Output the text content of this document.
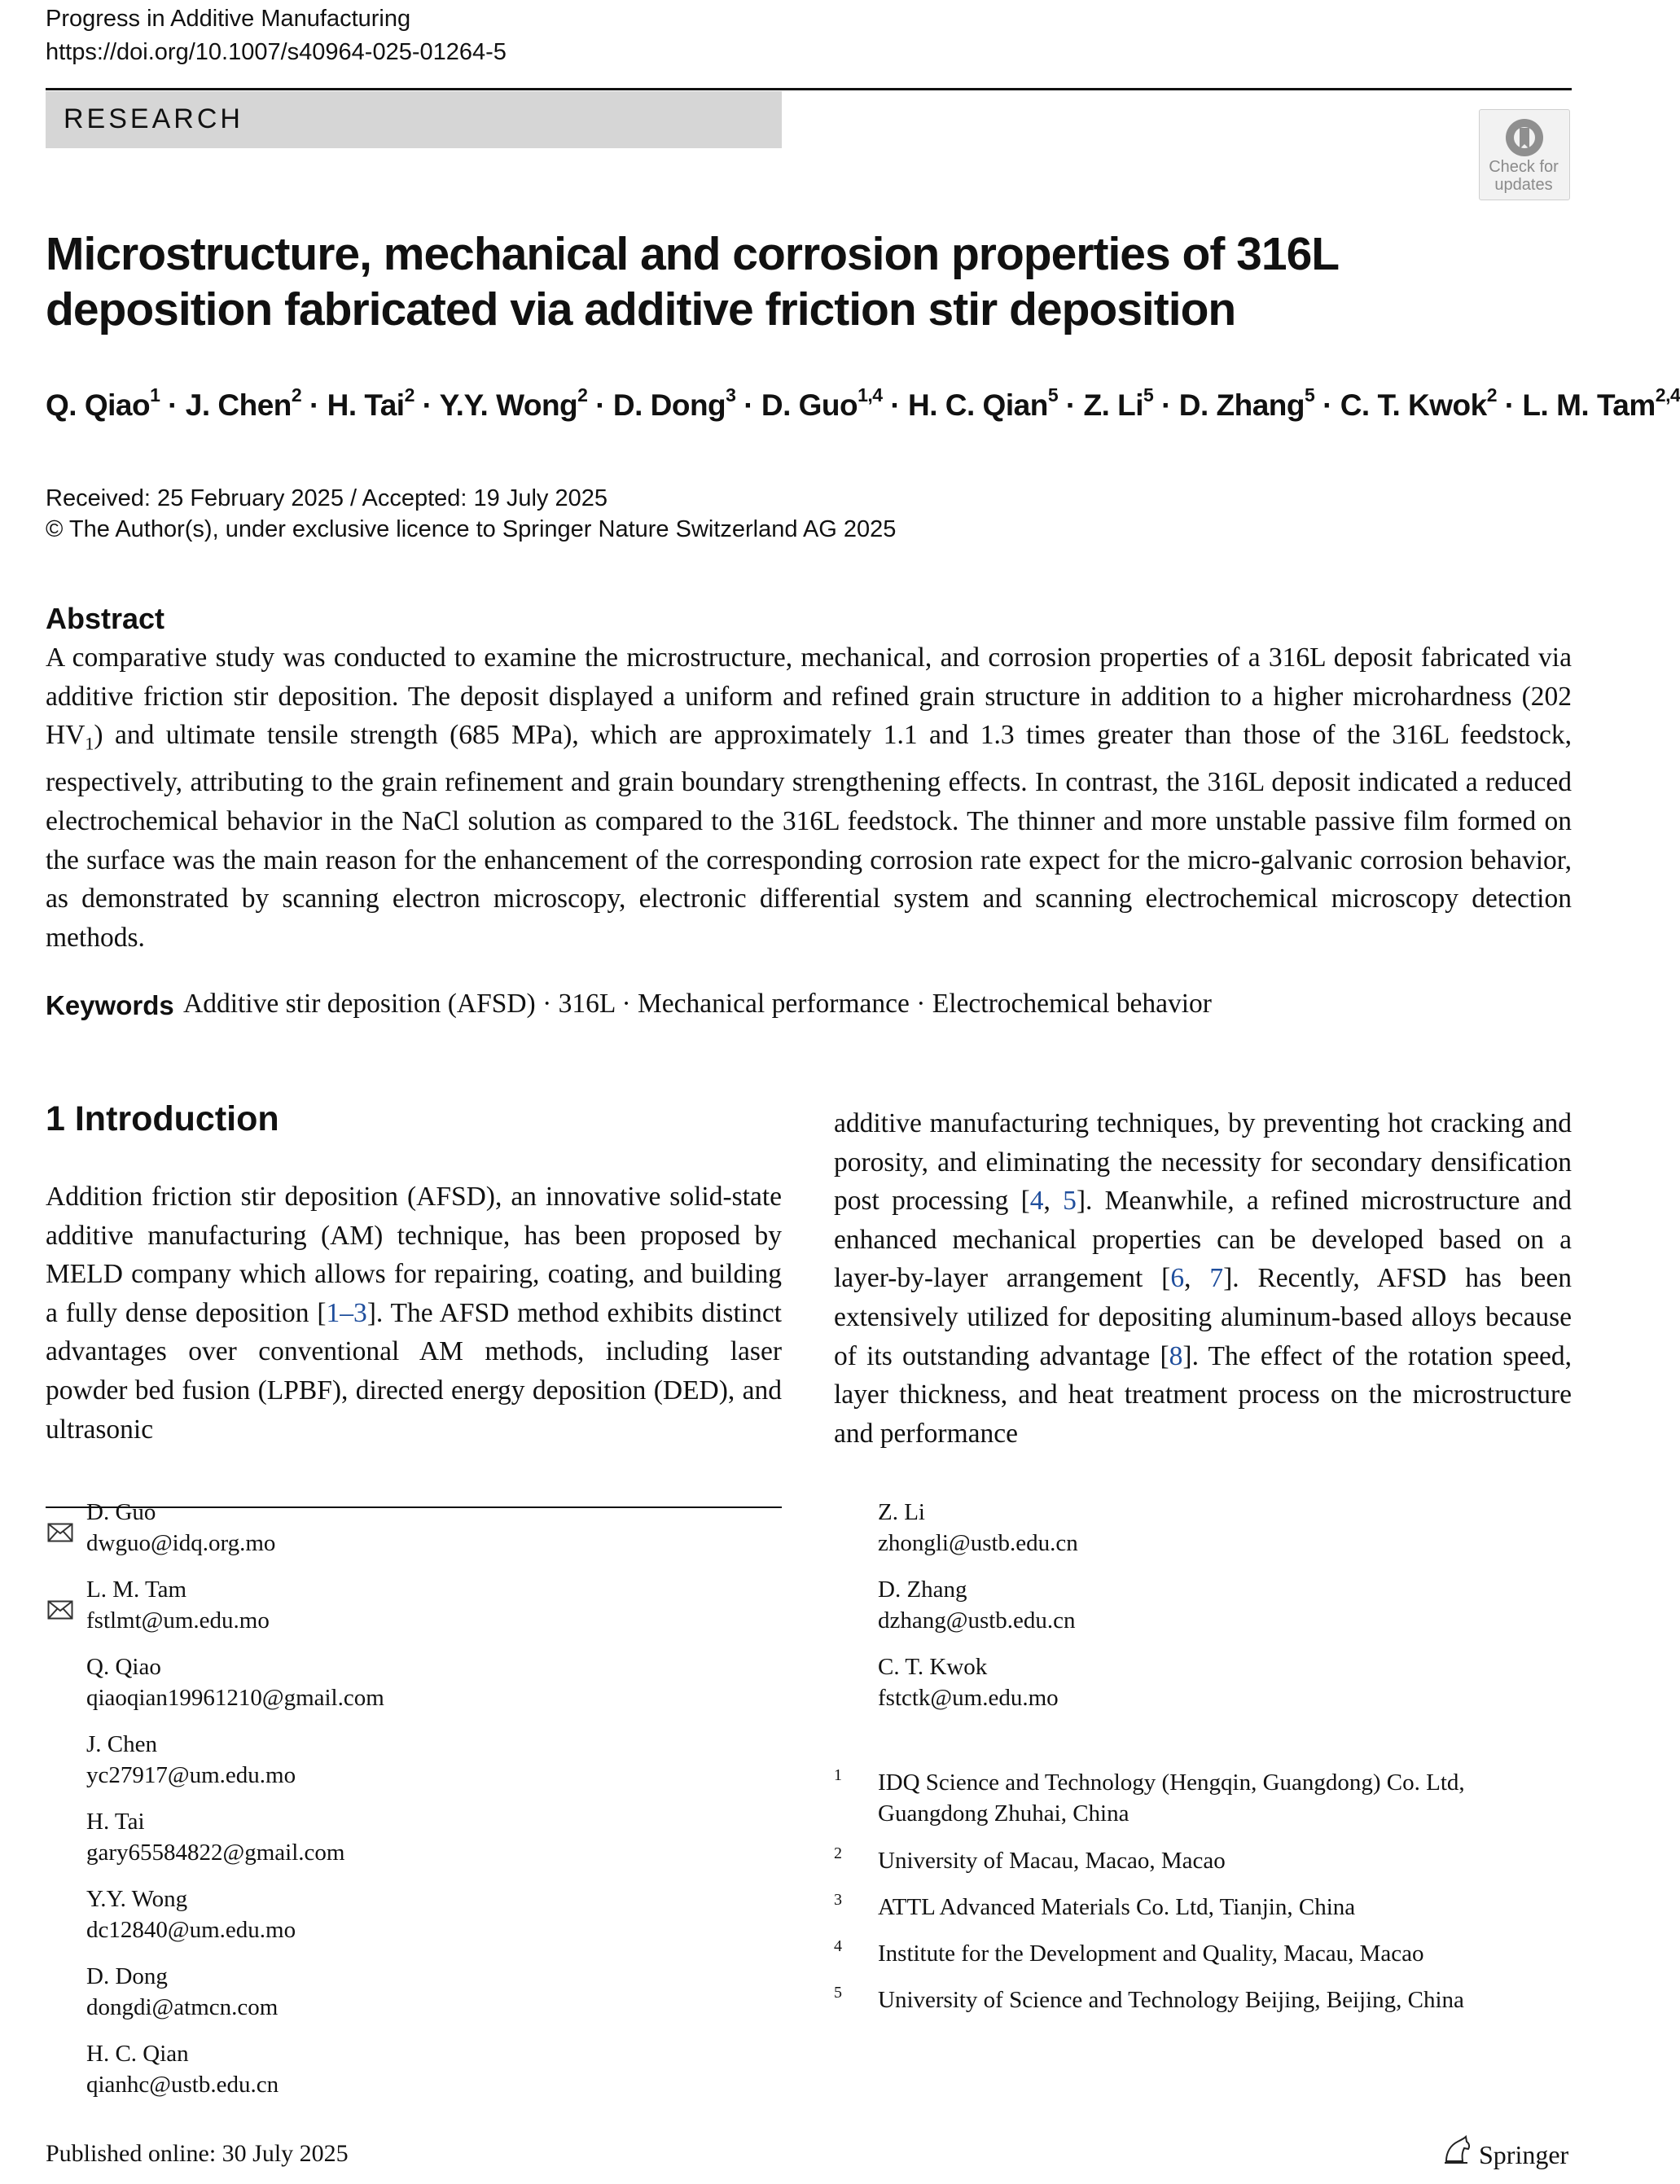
Progress in Additive Manufacturing
https://doi.org/10.1007/s40964-025-01264-5
RESEARCH
Check for
updates
Microstructure, mechanical and corrosion properties of 316L deposition fabricated via additive friction stir deposition
Q. Qiao$^1$ · J. Chen$^2$ · H. Tai$^2$ · Y.Y. Wong$^2$ · D. Dong$^3$ · D. Guo$^{1,4}$ · H. C. Qian$^5$ · Z. $Li^5 \cdot D$. Zhang$^5$ · C. T. Kwok$^2$ · L. M. Tam$^{2,4}$
Received: 25 February 2025 / Accepted: 19 July 2025
© The Author(s), under exclusive licence to Springer Nature Switzerland AG 2025
Abstract
A comparative study was conducted to examine the microstructure, mechanical, and corrosion properties of a 316L deposit fabricated via additive friction stir deposition. The deposit displayed a uniform and refined grain structure in addition to a higher microhardness (202 $HV_1$) and ultimate tensile strength (685 MPa), which are approximately 1.1 and 1.3 times greater than those of the 316L feedstock, respectively, attributing to the grain refinement and grain boundary strengthening effects. In contrast, the 316L deposit indicated a reduced electrochemical behavior in the NaCl solution as compared to the 316L feedstock. The thinner and more unstable passive film formed on the surface was the main reason for the enhancement of the corresponding corrosion rate expect for the micro-galvanic corrosion behavior, as demonstrated by scanning electron microscopy, electronic differential system and scanning electrochemical microscopy detection methods.
Keywords Additive stir deposition (AFSD) · 316L · Mechanical performance · Electrochemical behavior
1 Introduction
Addition friction stir deposition (AFSD), an innovative solid-state additive manufacturing (AM) technique, has been proposed by MELD company which allows for repairing, coating, and building a fully dense deposition [1–3]. The AFSD method exhibits distinct advantages over conventional AM methods, including laser powder bed fusion (LPBF), directed energy deposition (DED), and ultrasonic
additive manufacturing techniques, by preventing hot cracking and porosity, and eliminating the necessity for secondary densification post processing [4, 5]. Meanwhile, a refined microstructure and enhanced mechanical properties can be developed based on a layer-by-layer arrangement [6, 7]. Recently, AFSD has been extensively utilized for depositing aluminum-based alloys because of its outstanding advantage [8]. The effect of the rotation speed, layer thickness, and heat treatment process on the microstructure and performance
D. Guo
dwguo@idq.org.mo
L. M. Tam
fstlmt@um.edu.mo
Q. Qiao
qiaoqian19961210@gmail.com
J. Chen
yc27917@um.edu.mo
H. Tai
gary65584822@gmail.com
Y.Y. Wong
dc12840@um.edu.mo
D. Dong
dongdi@atmcn.com
H. C. Qian
qianhc@ustb.edu.cn
Z. Li
zhongli@ustb.edu.cn
D. Zhang
dzhang@ustb.edu.cn
C. T. Kwok
fstctk@um.edu.mo
1 IDQ Science and Technology (Hengqin, Guangdong) Co. Ltd, Guangdong Zhuhai, China
2 University of Macau, Macao, Macao
3 ATTL Advanced Materials Co. Ltd, Tianjin, China
4 Institute for the Development and Quality, Macau, Macao
5 University of Science and Technology Beijing, Beijing, China
Published online: 30 July 2025	Springer
